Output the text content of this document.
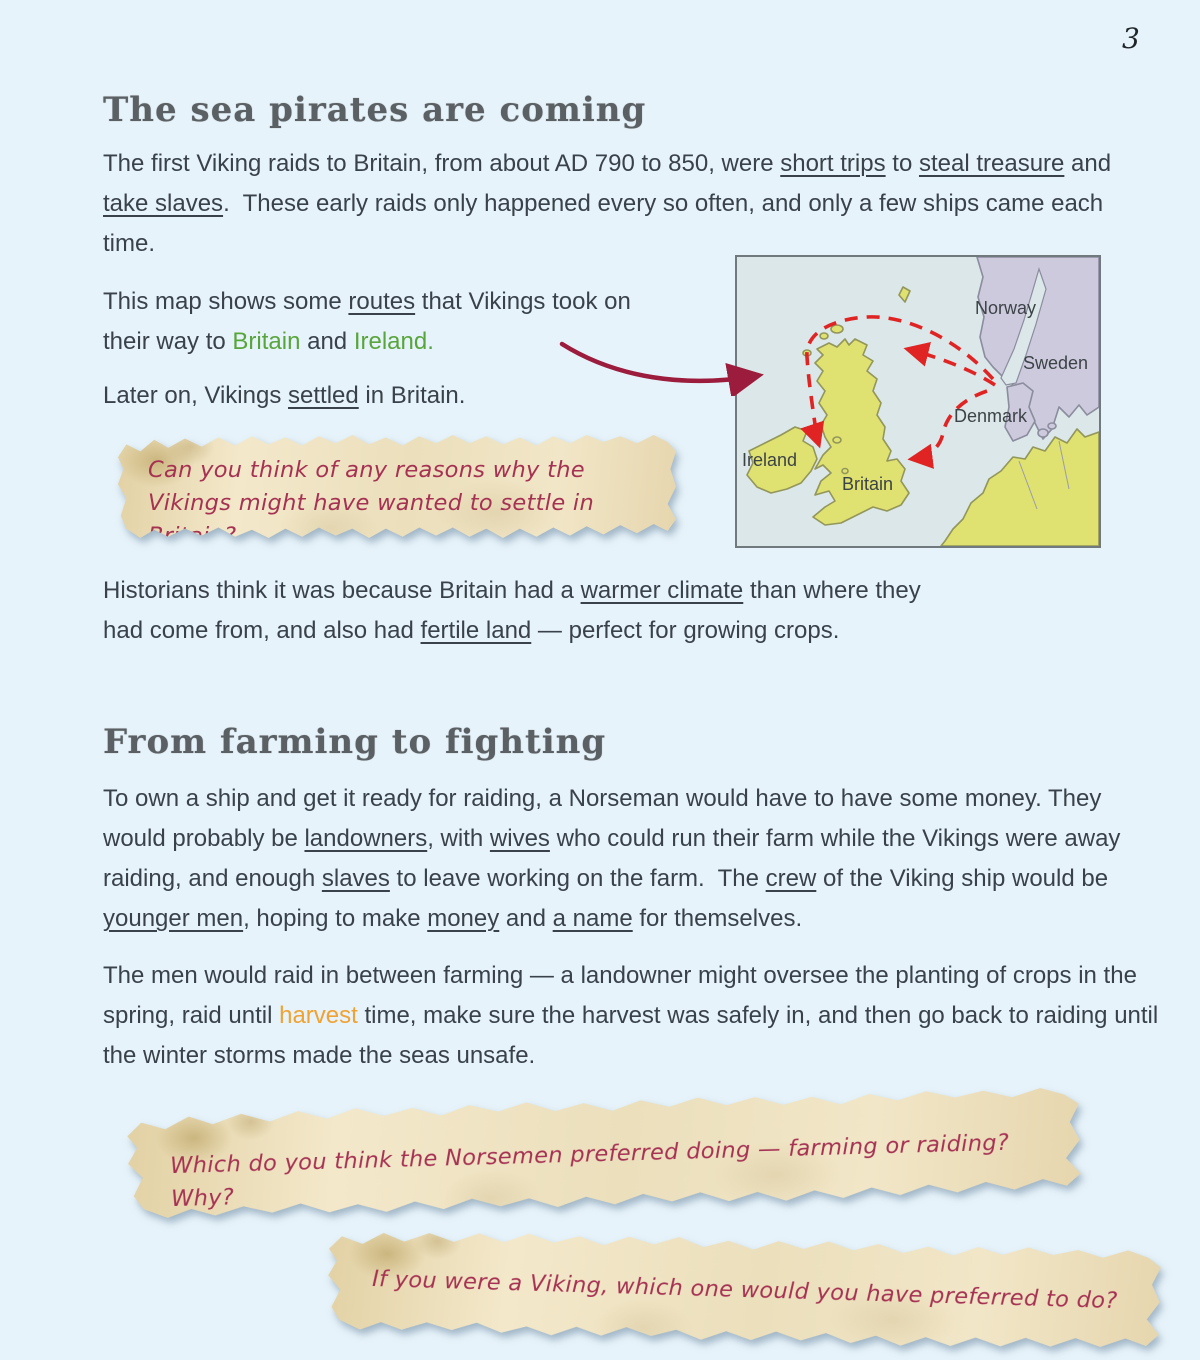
3
The sea pirates are coming

The first Viking raids to Britain, from about AD 790 to 850, were short trips to steal treasure and take slaves.  These early raids only happened every so often, and only a few ships came each time.

Norway
Sweden
Denmark
Ireland
Britain

This map shows some routes that Vikings took on their way to Britain and Ireland.

Later on, Vikings settled in Britain.

Can you think of any reasons why the Vikings might have wanted to settle in Britain?

Historians think it was because Britain had a warmer climate than where they had come from, and also had fertile land — perfect for growing crops.

From farming to fighting

To own a ship and get it ready for raiding, a Norseman would have to have some money. They would probably be landowners, with wives who could run their farm while the Vikings were away raiding, and enough slaves to leave working on the farm.  The crew of the Viking ship would be younger men, hoping to make money and a name for themselves.

The men would raid in between farming — a landowner might oversee the planting of crops in the spring, raid until harvest time, make sure the harvest was safely in, and then go back to raiding until the winter storms made the seas unsafe.

Which do you think the Norsemen preferred doing — farming or raiding?  Why?
If you were a Viking, which one would you have preferred to do?
